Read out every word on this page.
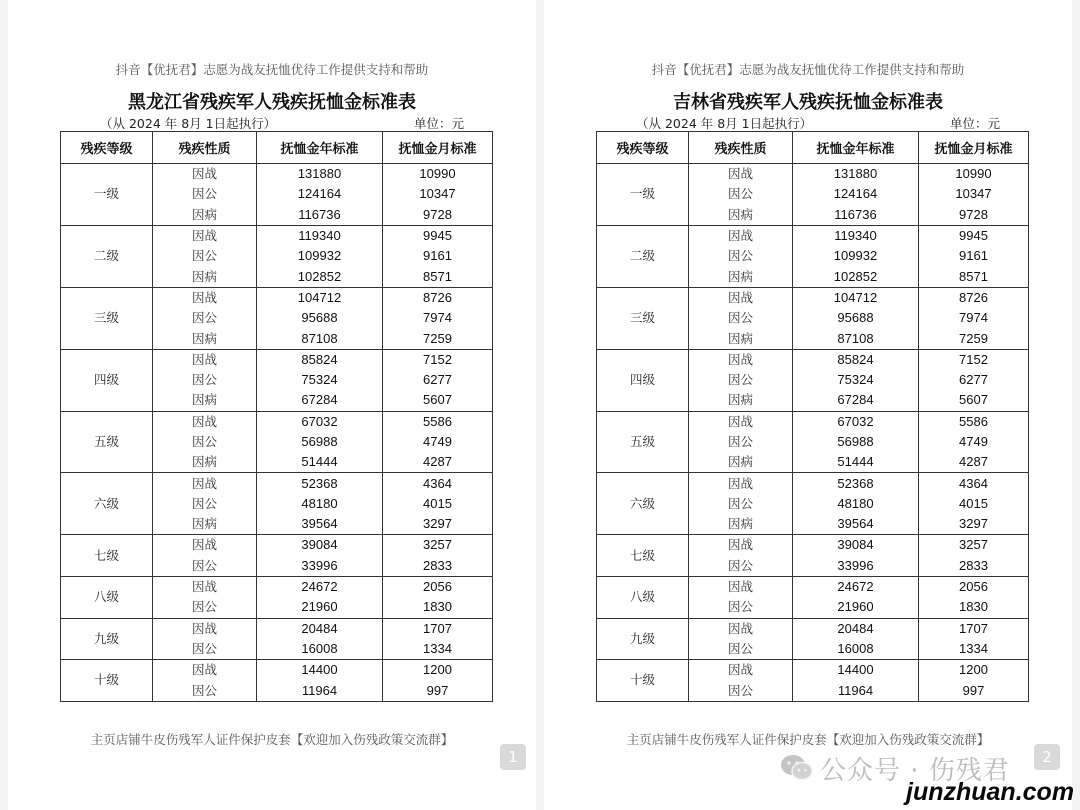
抖音【优抚君】志愿为战友抚恤优待工作提供支持和帮助
黑龙江省残疾军人残疾抚恤金标准表
（从 2024 年 8月 1日起执行）	单位：元
残疾等级	残疾性质	抚恤金年标准	抚恤金月标准
一级	因战	131880	10990
	因公	124164	10347
	因病	116736	9728
二级	因战	119340	9945
	因公	109932	9161
	因病	102852	8571
三级	因战	104712	8726
	因公	95688	7974
	因病	87108	7259
四级	因战	85824	7152
	因公	75324	6277
	因病	67284	5607
五级	因战	67032	5586
	因公	56988	4749
	因病	51444	4287
六级	因战	52368	4364
	因公	48180	4015
	因病	39564	3297
七级	因战	39084	3257
	因公	33996	2833
八级	因战	24672	2056
	因公	21960	1830
九级	因战	20484	1707
	因公	16008	1334
十级	因战	14400	1200
	因公	11964	997
主页店铺牛皮伤残军人证件保护皮套【欢迎加入伤残政策交流群】
1
抖音【优抚君】志愿为战友抚恤优待工作提供支持和帮助
吉林省残疾军人残疾抚恤金标准表
（从 2024 年 8月 1日起执行）	单位：元
残疾等级	残疾性质	抚恤金年标准	抚恤金月标准
一级	因战	131880	10990
	因公	124164	10347
	因病	116736	9728
二级	因战	119340	9945
	因公	109932	9161
	因病	102852	8571
三级	因战	104712	8726
	因公	95688	7974
	因病	87108	7259
四级	因战	85824	7152
	因公	75324	6277
	因病	67284	5607
五级	因战	67032	5586
	因公	56988	4749
	因病	51444	4287
六级	因战	52368	4364
	因公	48180	4015
	因病	39564	3297
七级	因战	39084	3257
	因公	33996	2833
八级	因战	24672	2056
	因公	21960	1830
九级	因战	20484	1707
	因公	16008	1334
十级	因战	14400	1200
	因公	11964	997
主页店铺牛皮伤残军人证件保护皮套【欢迎加入伤残政策交流群】
2
公众号 · 伤残君
junzhuan.com
